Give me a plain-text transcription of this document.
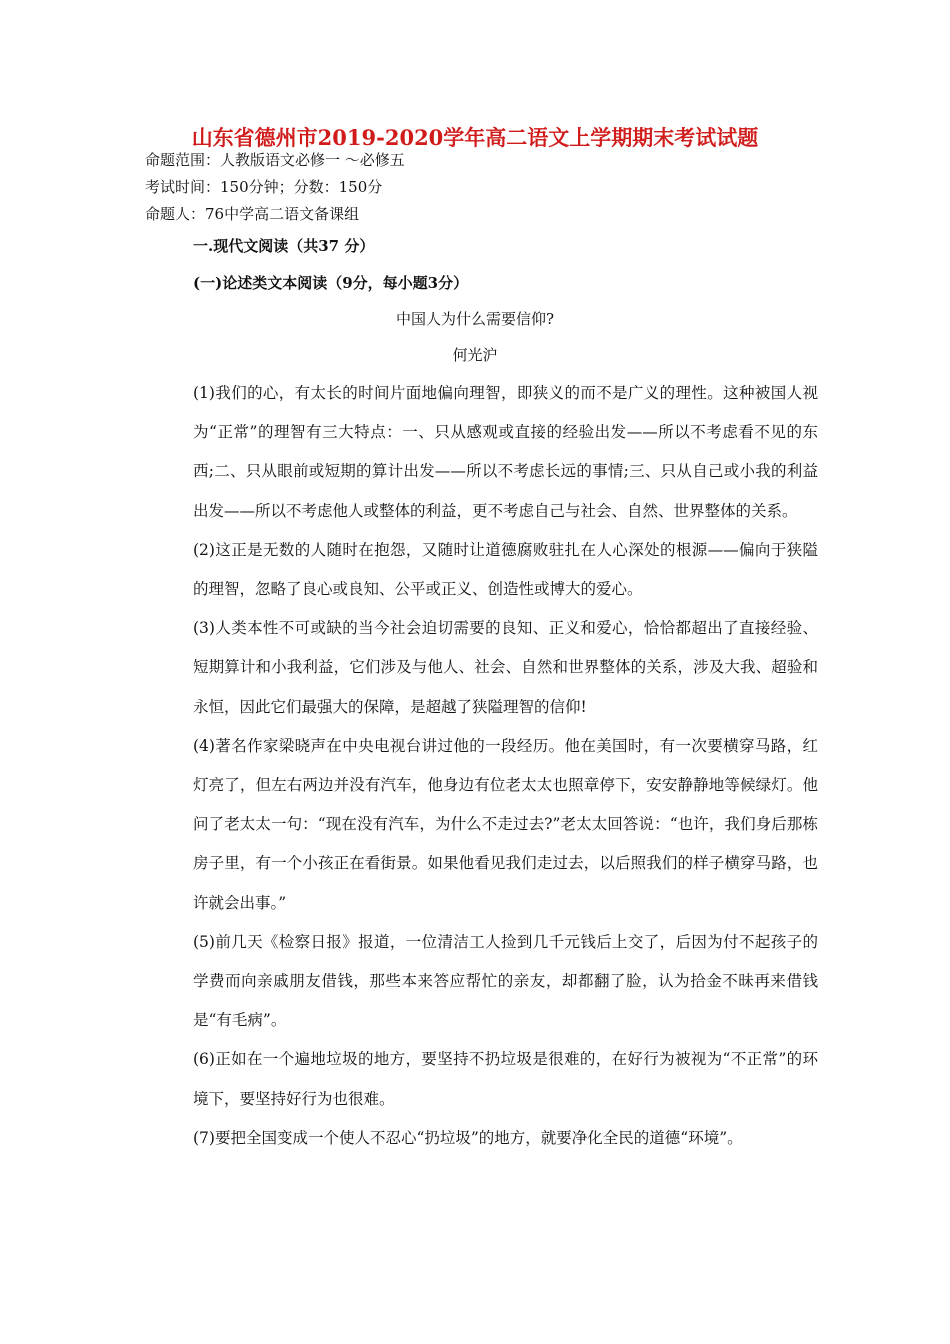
山东省德州市2019-2020学年高二语文上学期期末考试试题
命题范围：人教版语文必修一 ～必修五
考试时间：150分钟；分数：150分
命题人：76中学高二语文备课组
一.现代文阅读（共37 分）
(一)论述类文本阅读（9分，每小题3分）
中国人为什么需要信仰?
何光沪

(1)我们的心，有太长的时间片面地偏向理智，即狭义的而不是广义的理性。这种被国人视为“正常”的理智有三大特点：一、只从感观或直接的经验出发——所以不考虑看不见的东西;二、只从眼前或短期的算计出发——所以不考虑长远的事情;三、只从自己或小我的利益出发——所以不考虑他人或整体的利益，更不考虑自己与社会、自然、世界整体的关系。

(2)这正是无数的人随时在抱怨，又随时让道德腐败驻扎在人心深处的根源——偏向于狭隘的理智，忽略了良心或良知、公平或正义、创造性或博大的爱心。

(3)人类本性不可或缺的当今社会迫切需要的良知、正义和爱心，恰恰都超出了直接经验、短期算计和小我利益，它们涉及与他人、社会、自然和世界整体的关系，涉及大我、超验和永恒，因此它们最强大的保障，是超越了狭隘理智的信仰!

(4)著名作家梁晓声在中央电视台讲过他的一段经历。他在美国时，有一次要横穿马路，红灯亮了，但左右两边并没有汽车，他身边有位老太太也照章停下，安安静静地等候绿灯。他问了老太太一句：“现在没有汽车，为什么不走过去?”老太太回答说：“也许，我们身后那栋房子里，有一个小孩正在看街景。如果他看见我们走过去，以后照我们的样子横穿马路，也许就会出事。”

(5)前几天《检察日报》报道，一位清洁工人捡到几千元钱后上交了，后因为付不起孩子的学费而向亲戚朋友借钱，那些本来答应帮忙的亲友，却都翻了脸，认为拾金不昧再来借钱是“有毛病”。

(6)正如在一个遍地垃圾的地方，要坚持不扔垃圾是很难的，在好行为被视为“不正常”的环境下，要坚持好行为也很难。

(7)要把全国变成一个使人不忍心“扔垃圾”的地方，就要净化全民的道德“环境”。
